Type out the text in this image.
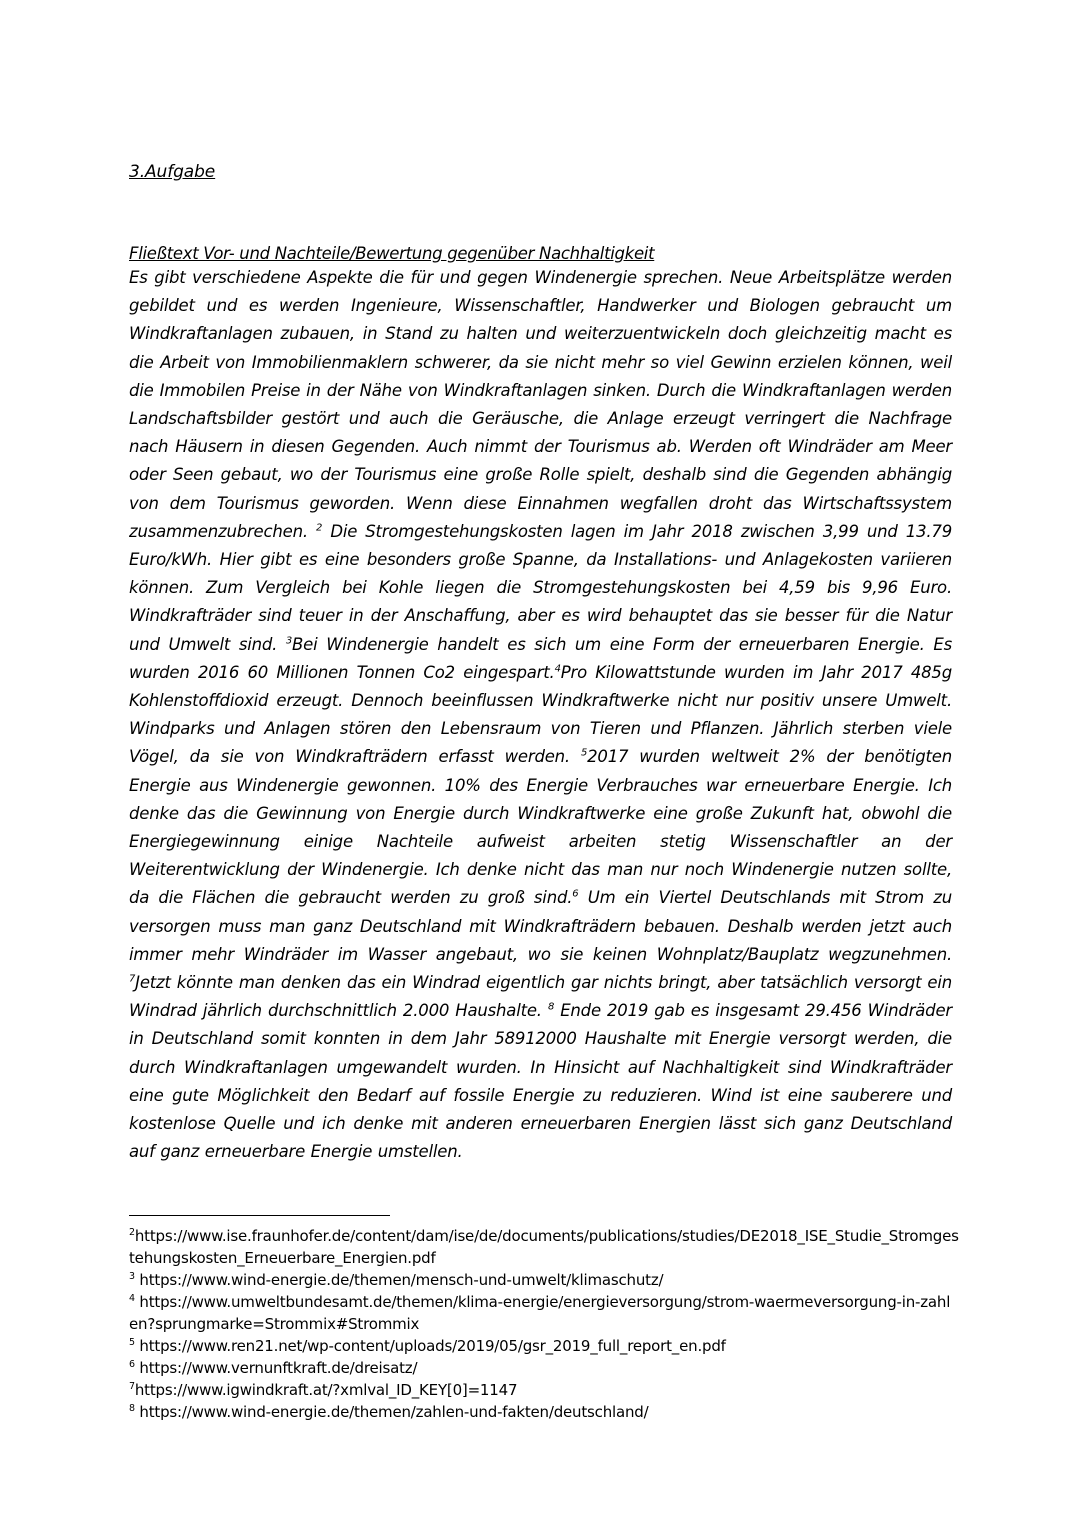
3.Aufgabe
Fließtext Vor- und Nachteile/Bewertung gegenüber Nachhaltigkeit
Es gibt verschiedene Aspekte die für und gegen Windenergie sprechen. Neue Arbeitsplätze werden gebildet und es werden Ingenieure, Wissenschaftler, Handwerker und Biologen gebraucht um Windkraftanlagen zubauen, in Stand zu halten und weiterzuentwickeln doch gleichzeitig macht es die Arbeit von Immobilienmaklern schwerer, da sie nicht mehr so viel Gewinn erzielen können, weil die Immobilen Preise in der Nähe von Windkraftanlagen sinken. Durch die Windkraftanlagen werden Landschaftsbilder gestört und auch die Geräusche, die Anlage erzeugt verringert die Nachfrage nach Häusern in diesen Gegenden. Auch nimmt der Tourismus ab. Werden oft Windräder am Meer oder Seen gebaut, wo der Tourismus eine große Rolle spielt, deshalb sind die Gegenden abhängig von dem Tourismus geworden. Wenn diese Einnahmen wegfallen droht das Wirtschaftssystem zusammenzubrechen. $^2$ Die Stromgestehungskosten lagen im Jahr 2018 zwischen 3,99 und 13.79 Euro/kWh. Hier gibt es eine besonders große Spanne, da Installations- und Anlagekosten variieren können. Zum Vergleich bei Kohle liegen die Stromgestehungskosten bei 4,59 bis 9,96 Euro. Windkrafträder sind teuer in der Anschaffung, aber es wird behauptet das sie besser für die Natur und Umwelt sind. $^3$Bei Windenergie handelt es sich um eine Form der erneuerbaren Energie. Es wurden 2016 60 Millionen Tonnen Co2 eingespart.$^4$Pro Kilowattstunde wurden im Jahr 2017 485g Kohlenstoffdioxid erzeugt. Dennoch beeinflussen Windkraftwerke nicht nur positiv unsere Umwelt. Windparks und Anlagen stören den Lebensraum von Tieren und Pflanzen. Jährlich sterben viele Vögel, da sie von Windkrafträdern erfasst werden. $^5$2017 wurden weltweit 2% der benötigten Energie aus Windenergie gewonnen. 10% des Energie Verbrauches war erneuerbare Energie. Ich denke das die Gewinnung von Energie durch Windkraftwerke eine große Zukunft hat, obwohl die Energiegewinnung einige Nachteile aufweist arbeiten stetig Wissenschaftler an der Weiterentwicklung der Windenergie. Ich denke nicht das man nur noch Windenergie nutzen sollte, da die Flächen die gebraucht werden zu groß sind.$^6$ Um ein Viertel Deutschlands mit Strom zu versorgen muss man ganz Deutschland mit Windkrafträdern bebauen. Deshalb werden jetzt auch immer mehr Windräder im Wasser angebaut, wo sie keinen Wohnplatz/Bauplatz wegzunehmen. $^7$Jetzt könnte man denken das ein Windrad eigentlich gar nichts bringt, aber tatsächlich versorgt ein Windrad jährlich durchschnittlich 2.000 Haushalte. $^8$ Ende 2019 gab es insgesamt 29.456 Windräder in Deutschland somit konnten in dem Jahr 58912000 Haushalte mit Energie versorgt werden, die durch Windkraftanlagen umgewandelt wurden. In Hinsicht auf Nachhaltigkeit sind Windkrafträder eine gute Möglichkeit den Bedarf auf fossile Energie zu reduzieren. Wind ist eine sauberere und kostenlose Quelle und ich denke mit anderen erneuerbaren Energien lässt sich ganz Deutschland auf ganz erneuerbare Energie umstellen.

$^2$https://www.ise.fraunhofer.de/content/dam/ise/de/documents/publications/studies/DE2018_ISE_Studie_Stromgestehungskosten_Erneuerbare_Energien.pdf

$^3$ https://www.wind-energie.de/themen/mensch-und-umwelt/klimaschutz/

$^4$ https://www.umweltbundesamt.de/themen/klima-energie/energieversorgung/strom-waermeversorgung-in-zahlen?sprungmarke=Strommix#Strommix

$^5$ https://www.ren21.net/wp-content/uploads/2019/05/gsr_2019_full_report_en.pdf

$^6$ https://www.vernunftkraft.de/dreisatz/

$^7$https://www.igwindkraft.at/?xmlval_ID_KEY[0]=1147

$^8$ https://www.wind-energie.de/themen/zahlen-und-fakten/deutschland/
